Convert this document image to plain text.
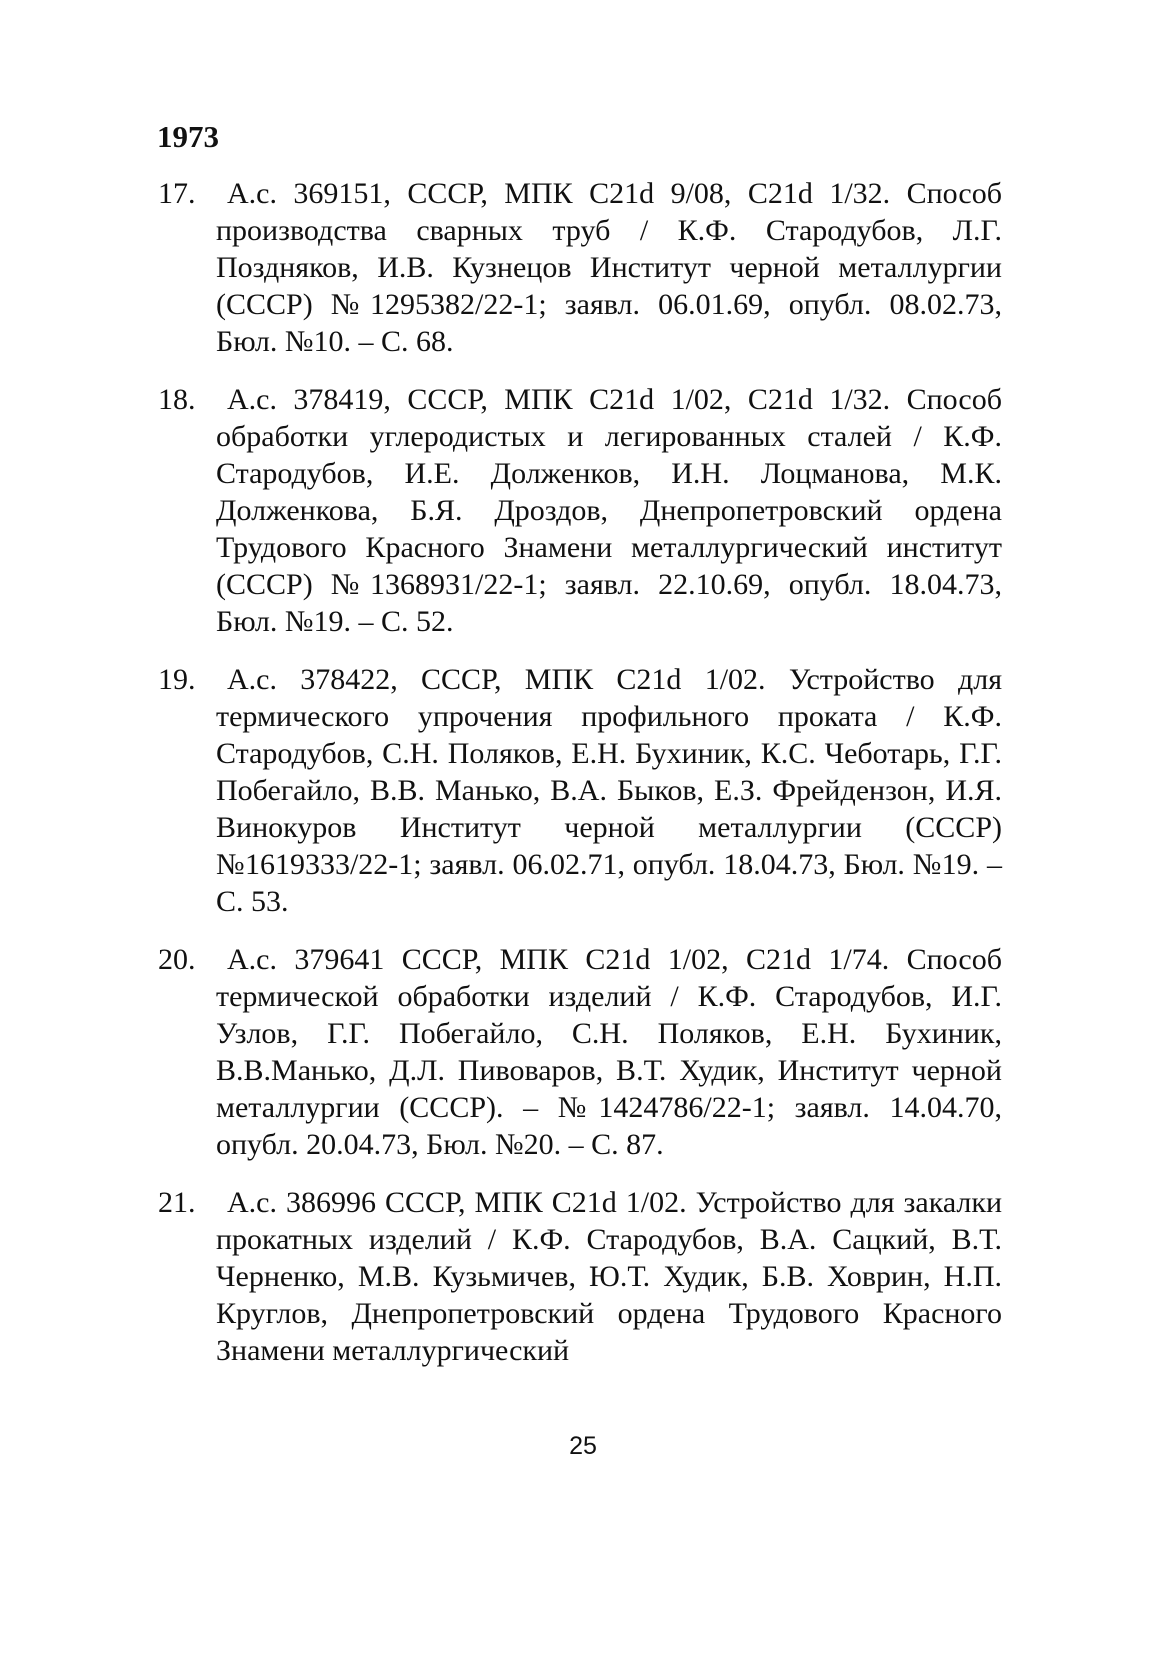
1973
17.	А.с. 369151, СССР, МПК C21d 9/08, C21d 1/32. Способ производства сварных труб / К.Ф. Стародубов, Л.Г. Поздняков, И.В. Кузнецов Институт черной металлургии (СССР) №1295382/22-1; заявл. 06.01.69, опубл. 08.02.73, Бюл. №10. – С. 68.
18.	А.с. 378419, СССР, МПК C21d 1/02, C21d 1/32. Способ обработки углеродистых и легированных сталей / К.Ф. Стародубов, И.Е. Долженков, И.Н. Лоцманова, М.К. Долженкова, Б.Я. Дроздов, Днепропетровский ордена Трудового Красного Знамени металлургический институт (СССР) №1368931/22-1; заявл. 22.10.69, опубл. 18.04.73, Бюл. №19. – С. 52.
19.	А.с. 378422, СССР, МПК C21d 1/02. Устройство для термического упрочения профильного проката / К.Ф. Стародубов, С.Н. Поляков, Е.Н. Бухиник, К.С. Чеботарь, Г.Г. Побегайло, В.В. Манько, В.А. Быков, Е.З. Фрейдензон, И.Я. Винокуров Институт черной металлургии (СССР) №1619333/22-1; заявл. 06.02.71, опубл. 18.04.73, Бюл. №19. – С. 53.
20.	А.с. 379641 СССР, МПК C21d 1/02, C21d 1/74. Способ термической обработки изделий / К.Ф. Стародубов, И.Г. Узлов, Г.Г. Побегайло, С.Н. Поляков, Е.Н. Бухиник, В.В.Манько, Д.Л. Пивоваров, В.Т. Худик, Институт черной металлургии (СССР). – №1424786/22-1; заявл. 14.04.70, опубл. 20.04.73, Бюл. №20. – С. 87.
21.	А.с. 386996 СССР, МПК C21d 1/02. Устройство для закалки прокатных изделий / К.Ф. Стародубов, В.А. Сацкий, В.Т. Черненко, М.В. Кузьмичев, Ю.Т. Худик, Б.В. Ховрин, Н.П. Круглов, Днепропетровский ордена Трудового Красного Знамени металлургический
25
